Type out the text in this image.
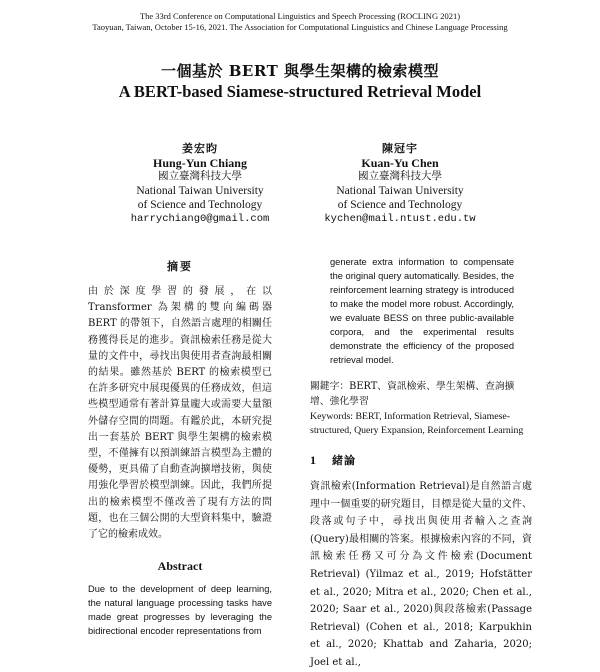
The 33rd Conference on Computational Linguistics and Speech Processing (ROCLING 2021)
Taoyuan, Taiwan, October 15-16, 2021. The Association for Computational Linguistics and Chinese Language Processing
一個基於 BERT 與學生架構的檢索模型
A BERT-based Siamese-structured Retrieval Model
姜宏昀
Hung-Yun Chiang
國立臺灣科技大學
National Taiwan University
of Science and Technology
harrychiang0@gmail.com
陳冠宇
Kuan-Yu Chen
國立臺灣科技大學
National Taiwan University
of Science and Technology
kychen@mail.ntust.edu.tw
摘要

由於深度學習的發展，在以 Transformer 為架構的雙向編碼器 BERT 的帶領下，自然語言處理的相關任務獲得長足的進步。資訊檢索任務是從大量的文件中，尋找出與使用者查詢最相關的結果。雖然基於 BERT 的檢索模型已在許多研究中展現優異的任務成效，但這些模型通常有著計算量龐大或需要大量額外儲存空間的問題。有鑑於此，本研究提出一套基於 BERT 與學生架構的檢索模型，不僅擁有以預訓練語言模型為主體的優勢，更具備了自動查詢擴增技術，與使用強化學習於模型訓練。因此，我們所提出的檢索模型不僅改善了現有方法的問題，也在三個公開的大型資料集中，驗證了它的檢索成效。

Abstract

Due to the development of deep learning, the natural language processing tasks have made great progresses by leveraging the bidirectional encoder representations from

generate extra information to compensate the original query automatically. Besides, the reinforcement learning strategy is introduced to make the model more robust. Accordingly, we evaluate BESS on three public-available corpora, and the experimental results demonstrate the efficiency of the proposed retrieval model.

關鍵字：BERT、資訊檢索、學生架構、查詢擴增、強化學習
Keywords: BERT, Information Retrieval, Siamese-structured, Query Expansion, Reinforcement Learning
1 緒論
資訊檢索(Information Retrieval)是自然語言處理中一個重要的研究題目，目標是從大量的文件、段落或句子中，尋找出與使用者輸入之查詢(Query)最相關的答案。根據檢索內容的不同，資訊檢索任務又可分為文件檢索(Document Retrieval) (Yilmaz et al., 2019; Hofstätter et al., 2020; Mitra et al., 2020; Chen et al., 2020; Saar et al., 2020)與段落檢索(Passage Retrieval) (Cohen et al., 2018; Karpukhin et al., 2020; Khattab and Zaharia, 2020; Joel et al.,
